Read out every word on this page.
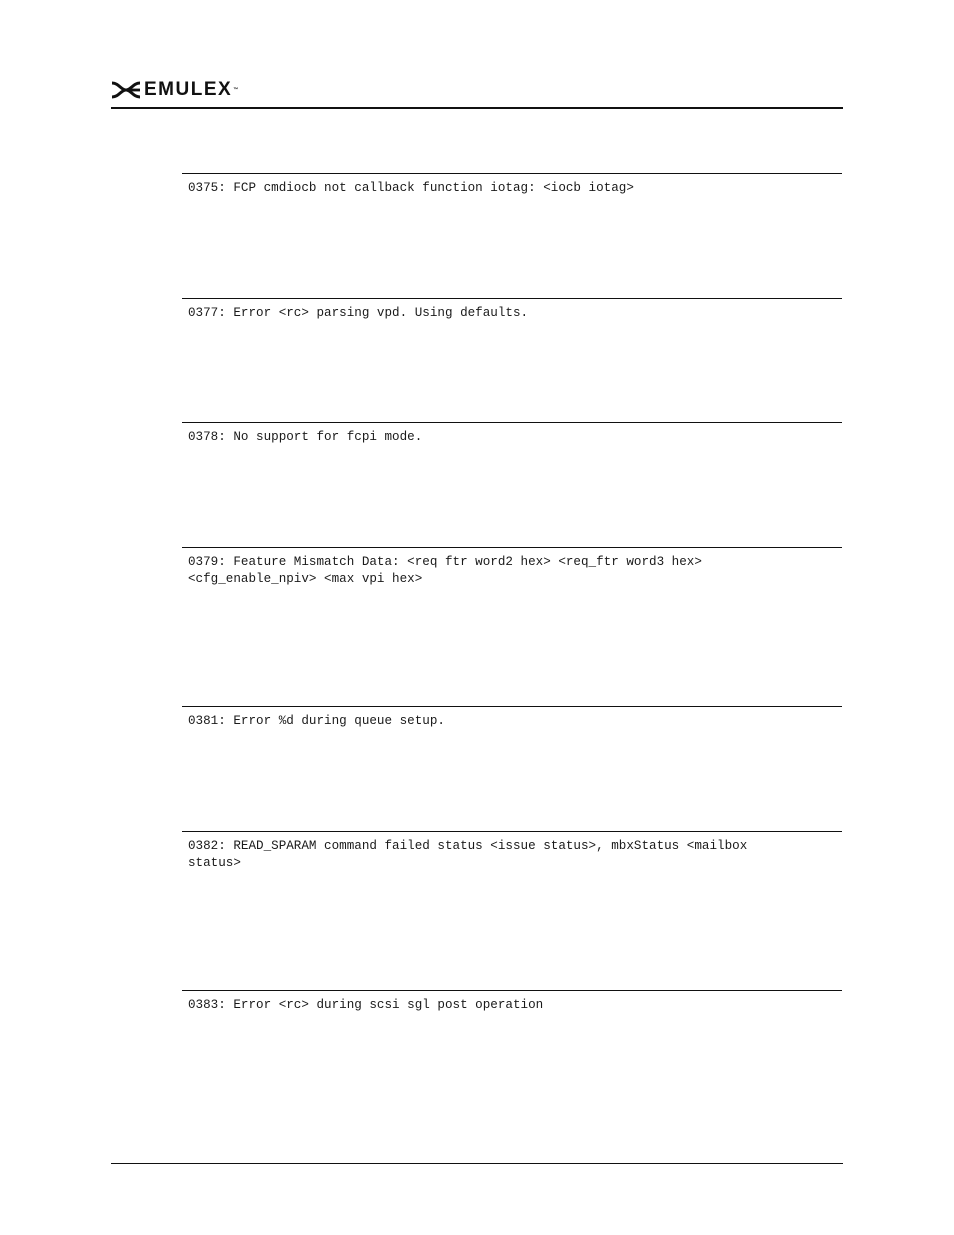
EMULEX™

0375: FCP cmdiocb not callback function iotag: <iocb iotag>

0377: Error <rc> parsing vpd. Using defaults.

0378: No support for fcpi mode.

0379: Feature Mismatch Data: <req ftr word2 hex> <req_ftr word3 hex>
<cfg_enable_npiv> <max vpi hex>

0381: Error %d during queue setup.

0382: READ_SPARAM command failed status <issue status>, mbxStatus <mailbox
status>

0383: Error <rc> during scsi sgl post operation
